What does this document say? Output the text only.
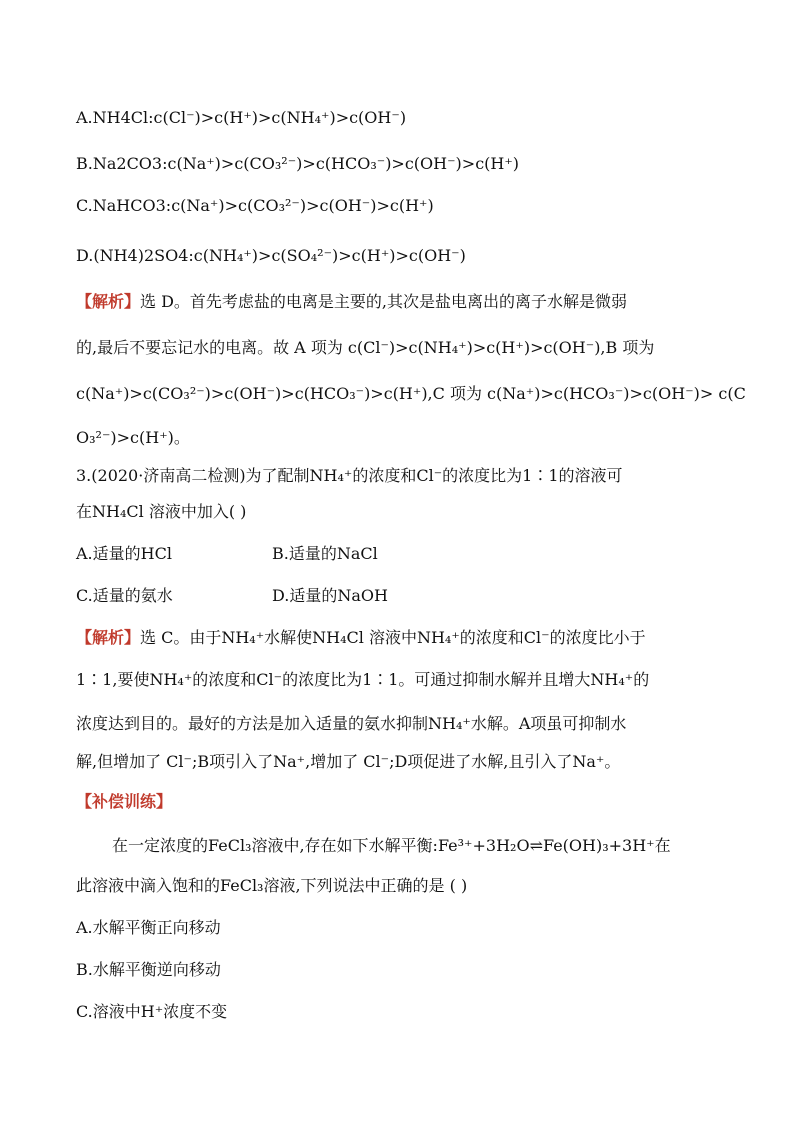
A.NH4Cl:c(Cl⁻)>c(H⁺)>c(NH₄⁺)>c(OH⁻)
B.Na2CO3:c(Na⁺)>c(CO₃²⁻)>c(HCO₃⁻)>c(OH⁻)>c(H⁺)
C.NaHCO3:c(Na⁺)>c(CO₃²⁻)>c(OH⁻)>c(H⁺)
D.(NH4)2SO4:c(NH₄⁺)>c(SO₄²⁻)>c(H⁺)>c(OH⁻)
【解析】选 D。首先考虑盐的电离是主要的,其次是盐电离出的离子水解是微弱
的,最后不要忘记水的电离。故 A 项为 c(Cl⁻)>c(NH₄⁺)>c(H⁺)>c(OH⁻),B 项为
c(Na⁺)>c(CO₃²⁻)>c(OH⁻)>c(HCO₃⁻)>c(H⁺),C 项为 c(Na⁺)>c(HCO₃⁻)>c(OH⁻)> c(C
O₃²⁻)>c(H⁺)。
3.(2020·济南高二检测)为了配制NH₄⁺的浓度和Cl⁻的浓度比为1∶1的溶液可
在NH₄Cl 溶液中加入( )
A.适量的HCl	B.适量的NaCl
C.适量的氨水	D.适量的NaOH
【解析】选 C。由于NH₄⁺水解使NH₄Cl 溶液中NH₄⁺的浓度和Cl⁻的浓度比小于
1∶1,要使NH₄⁺的浓度和Cl⁻的浓度比为1∶1。可通过抑制水解并且增大NH₄⁺的
浓度达到目的。最好的方法是加入适量的氨水抑制NH₄⁺水解。A项虽可抑制水
解,但增加了 Cl⁻;B项引入了Na⁺,增加了 Cl⁻;D项促进了水解,且引入了Na⁺。
【补偿训练】
在一定浓度的FeCl₃溶液中,存在如下水解平衡:Fe³⁺+3H₂O⇌Fe(OH)₃+3H⁺在
此溶液中滴入饱和的FeCl₃溶液,下列说法中正确的是 ( )
A.水解平衡正向移动
B.水解平衡逆向移动
C.溶液中H⁺浓度不变
